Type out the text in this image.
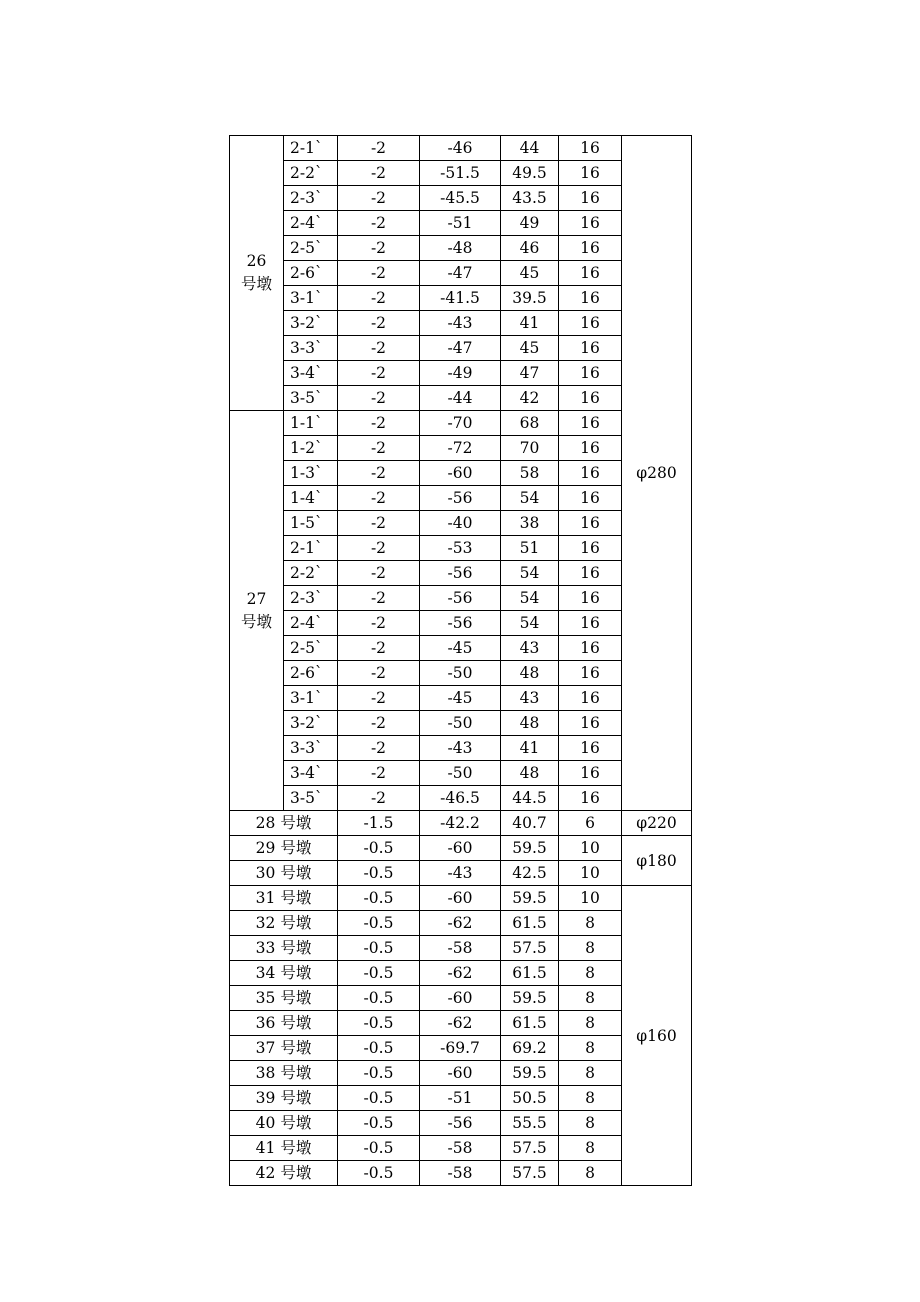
26
号墩	2-1`	-2	-46	44	16	φ280
	2-2`	-2	-51.5	49.5	16	
	2-3`	-2	-45.5	43.5	16	
	2-4`	-2	-51	49	16	
	2-5`	-2	-48	46	16	
	2-6`	-2	-47	45	16	
	3-1`	-2	-41.5	39.5	16	
	3-2`	-2	-43	41	16	
	3-3`	-2	-47	45	16	
	3-4`	-2	-49	47	16	
	3-5`	-2	-44	42	16	

27
号墩	1-1`	-2	-70	68	16	
	1-2`	-2	-72	70	16	
	1-3`	-2	-60	58	16	
	1-4`	-2	-56	54	16	
	1-5`	-2	-40	38	16	
	2-1`	-2	-53	51	16	
	2-2`	-2	-56	54	16	
	2-3`	-2	-56	54	16	
	2-4`	-2	-56	54	16	
	2-5`	-2	-45	43	16	
	2-6`	-2	-50	48	16	
	3-1`	-2	-45	43	16	
	3-2`	-2	-50	48	16	
	3-3`	-2	-43	41	16	
	3-4`	-2	-50	48	16	
	3-5`	-2	-46.5	44.5	16	
28 号墩		-1.5	-42.2	40.7	6	φ220
29 号墩		-0.5	-60	59.5	10	φ180
30 号墩		-0.5	-43	42.5	10	
31 号墩		-0.5	-60	59.5	10	φ160
32 号墩		-0.5	-62	61.5	8	
33 号墩		-0.5	-58	57.5	8	
34 号墩		-0.5	-62	61.5	8	
35 号墩		-0.5	-60	59.5	8	
36 号墩		-0.5	-62	61.5	8	
37 号墩		-0.5	-69.7	69.2	8	
38 号墩		-0.5	-60	59.5	8	
39 号墩		-0.5	-51	50.5	8	
40 号墩		-0.5	-56	55.5	8	
41 号墩		-0.5	-58	57.5	8	
42 号墩		-0.5	-58	57.5	8	
